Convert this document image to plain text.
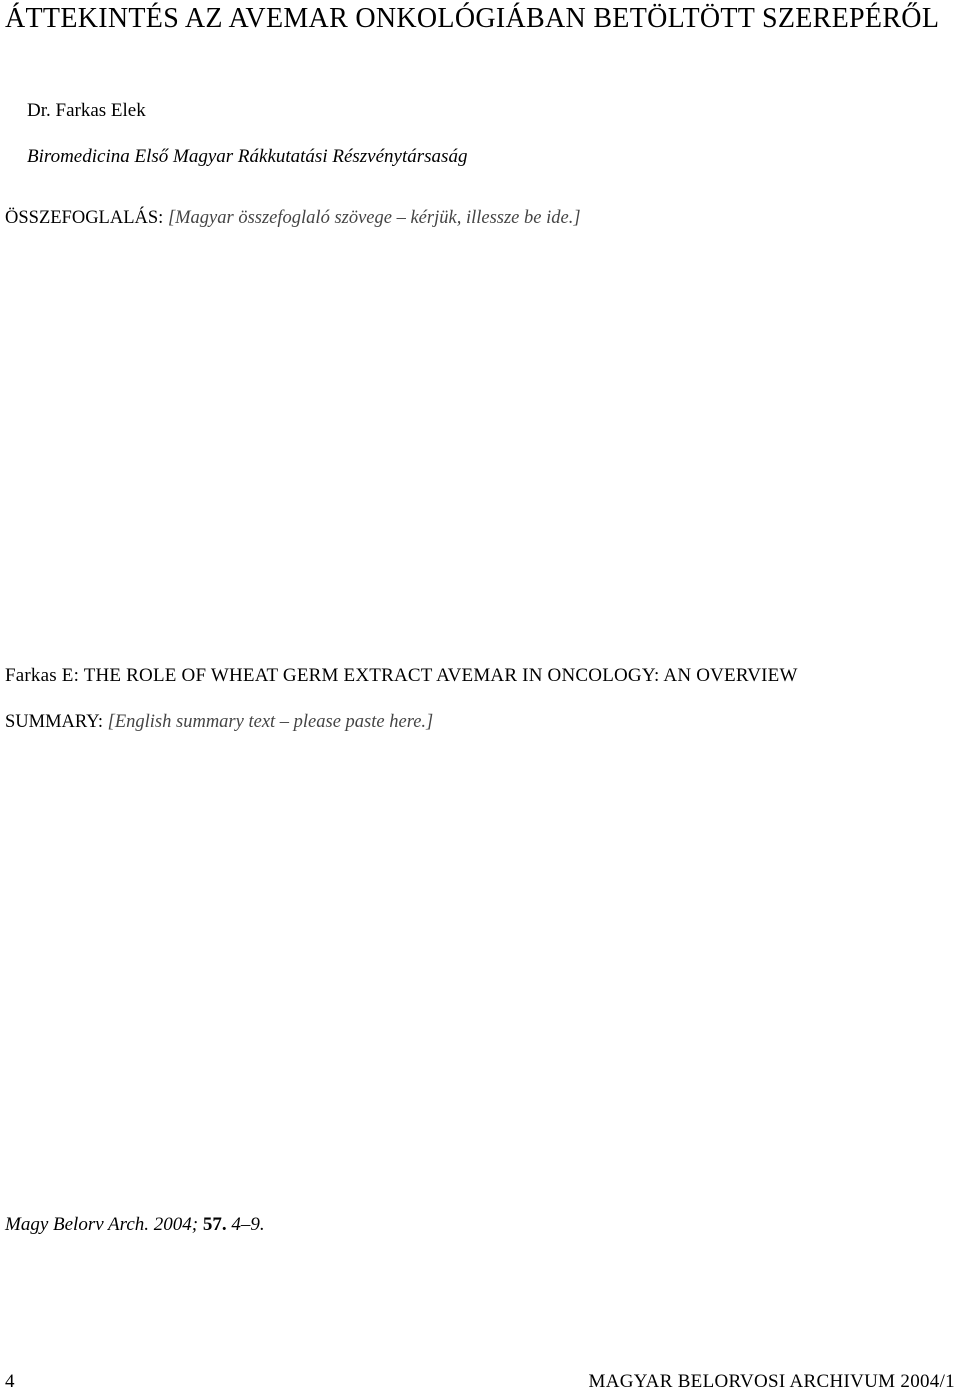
ÁTTEKINTÉS AZ AVEMAR ONKOLÓGIÁBAN BETÖLTÖTT SZEREPÉRŐL
Dr. Farkas Elek
Biromedicina Első Magyar Rákkutatási Részvénytársaság
ÖSSZEFOGLALÁS: [Magyar összefoglaló szövege – kérjük, illessze be ide.]
Farkas E: THE ROLE OF WHEAT GERM EXTRACT AVEMAR IN ONCOLOGY: AN OVERVIEW
SUMMARY: [English summary text – please paste here.]
Magy Belorv Arch. 2004; 57. 4–9.
4	MAGYAR BELORVOSI ARCHIVUM 2004/1
